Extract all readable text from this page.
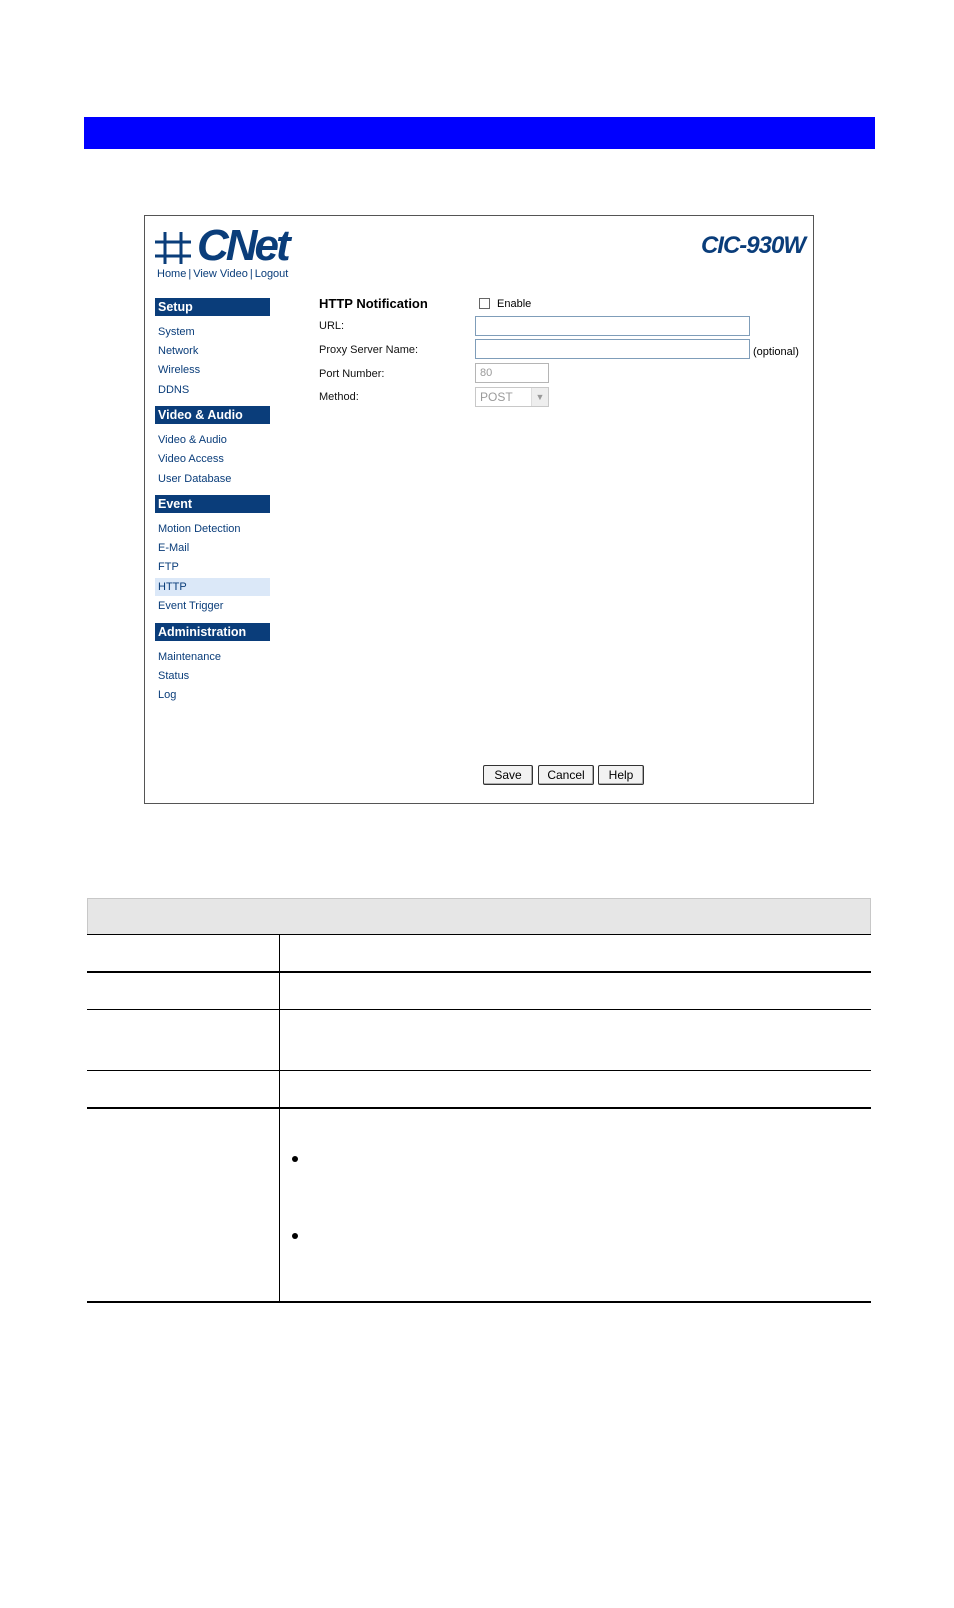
CNet	CIC-930W
Home | View Video | Logout
Setup
System
Network
Wireless
DDNS
Video & Audio
Video & Audio
Video Access
User Database
Event
Motion Detection
E-Mail
FTP
HTTP
Event Trigger
Administration
Maintenance
Status
Log
HTTP Notification	Enable
URL:
Proxy Server Name:	(optional)
Port Number:
80
Method:	POST	▼
Save	Cancel	Help
